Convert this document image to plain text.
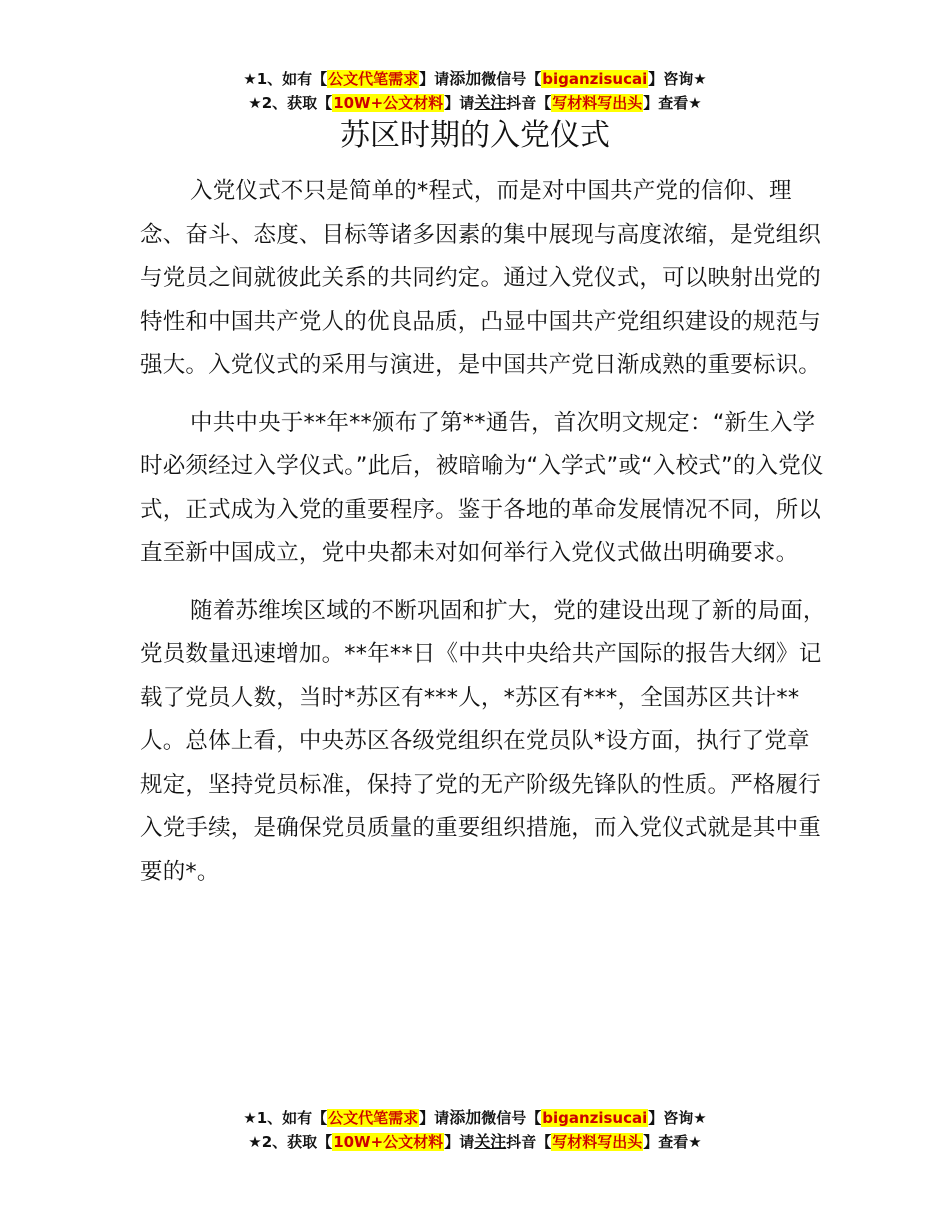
★1、如有【公文代笔需求】请添加微信号【biganzisucai】咨询★
★2、获取【10W+公文材料】请关注抖音【写材料写出头】查看★
苏区时期的入党仪式

入党仪式不只是简单的*程式，而是对中国共产党的信仰、理念、奋斗、态度、目标等诸多因素的集中展现与高度浓缩，是党组织与党员之间就彼此关系的共同约定。通过入党仪式，可以映射出党的特性和中国共产党人的优良品质，凸显中国共产党组织建设的规范与强大。入党仪式的采用与演进，是中国共产党日渐成熟的重要标识。

中共中央于**年**颁布了第**通告，首次明文规定：“新生入学时必须经过入学仪式。”此后，被暗喻为“入学式”或“入校式”的入党仪式，正式成为入党的重要程序。鉴于各地的革命发展情况不同，所以直至新中国成立，党中央都未对如何举行入党仪式做出明确要求。

随着苏维埃区域的不断巩固和扩大，党的建设出现了新的局面，党员数量迅速增加。**年**日《中共中央给共产国际的报告大纲》记载了党员人数，当时*苏区有***人，*苏区有***，全国苏区共计**人。总体上看，中央苏区各级党组织在党员队*设方面，执行了党章规定，坚持党员标准，保持了党的无产阶级先锋队的性质。严格履行入党手续，是确保党员质量的重要组织措施，而入党仪式就是其中重要的*。

★1、如有【公文代笔需求】请添加微信号【biganzisucai】咨询★
★2、获取【10W+公文材料】请关注抖音【写材料写出头】查看★
